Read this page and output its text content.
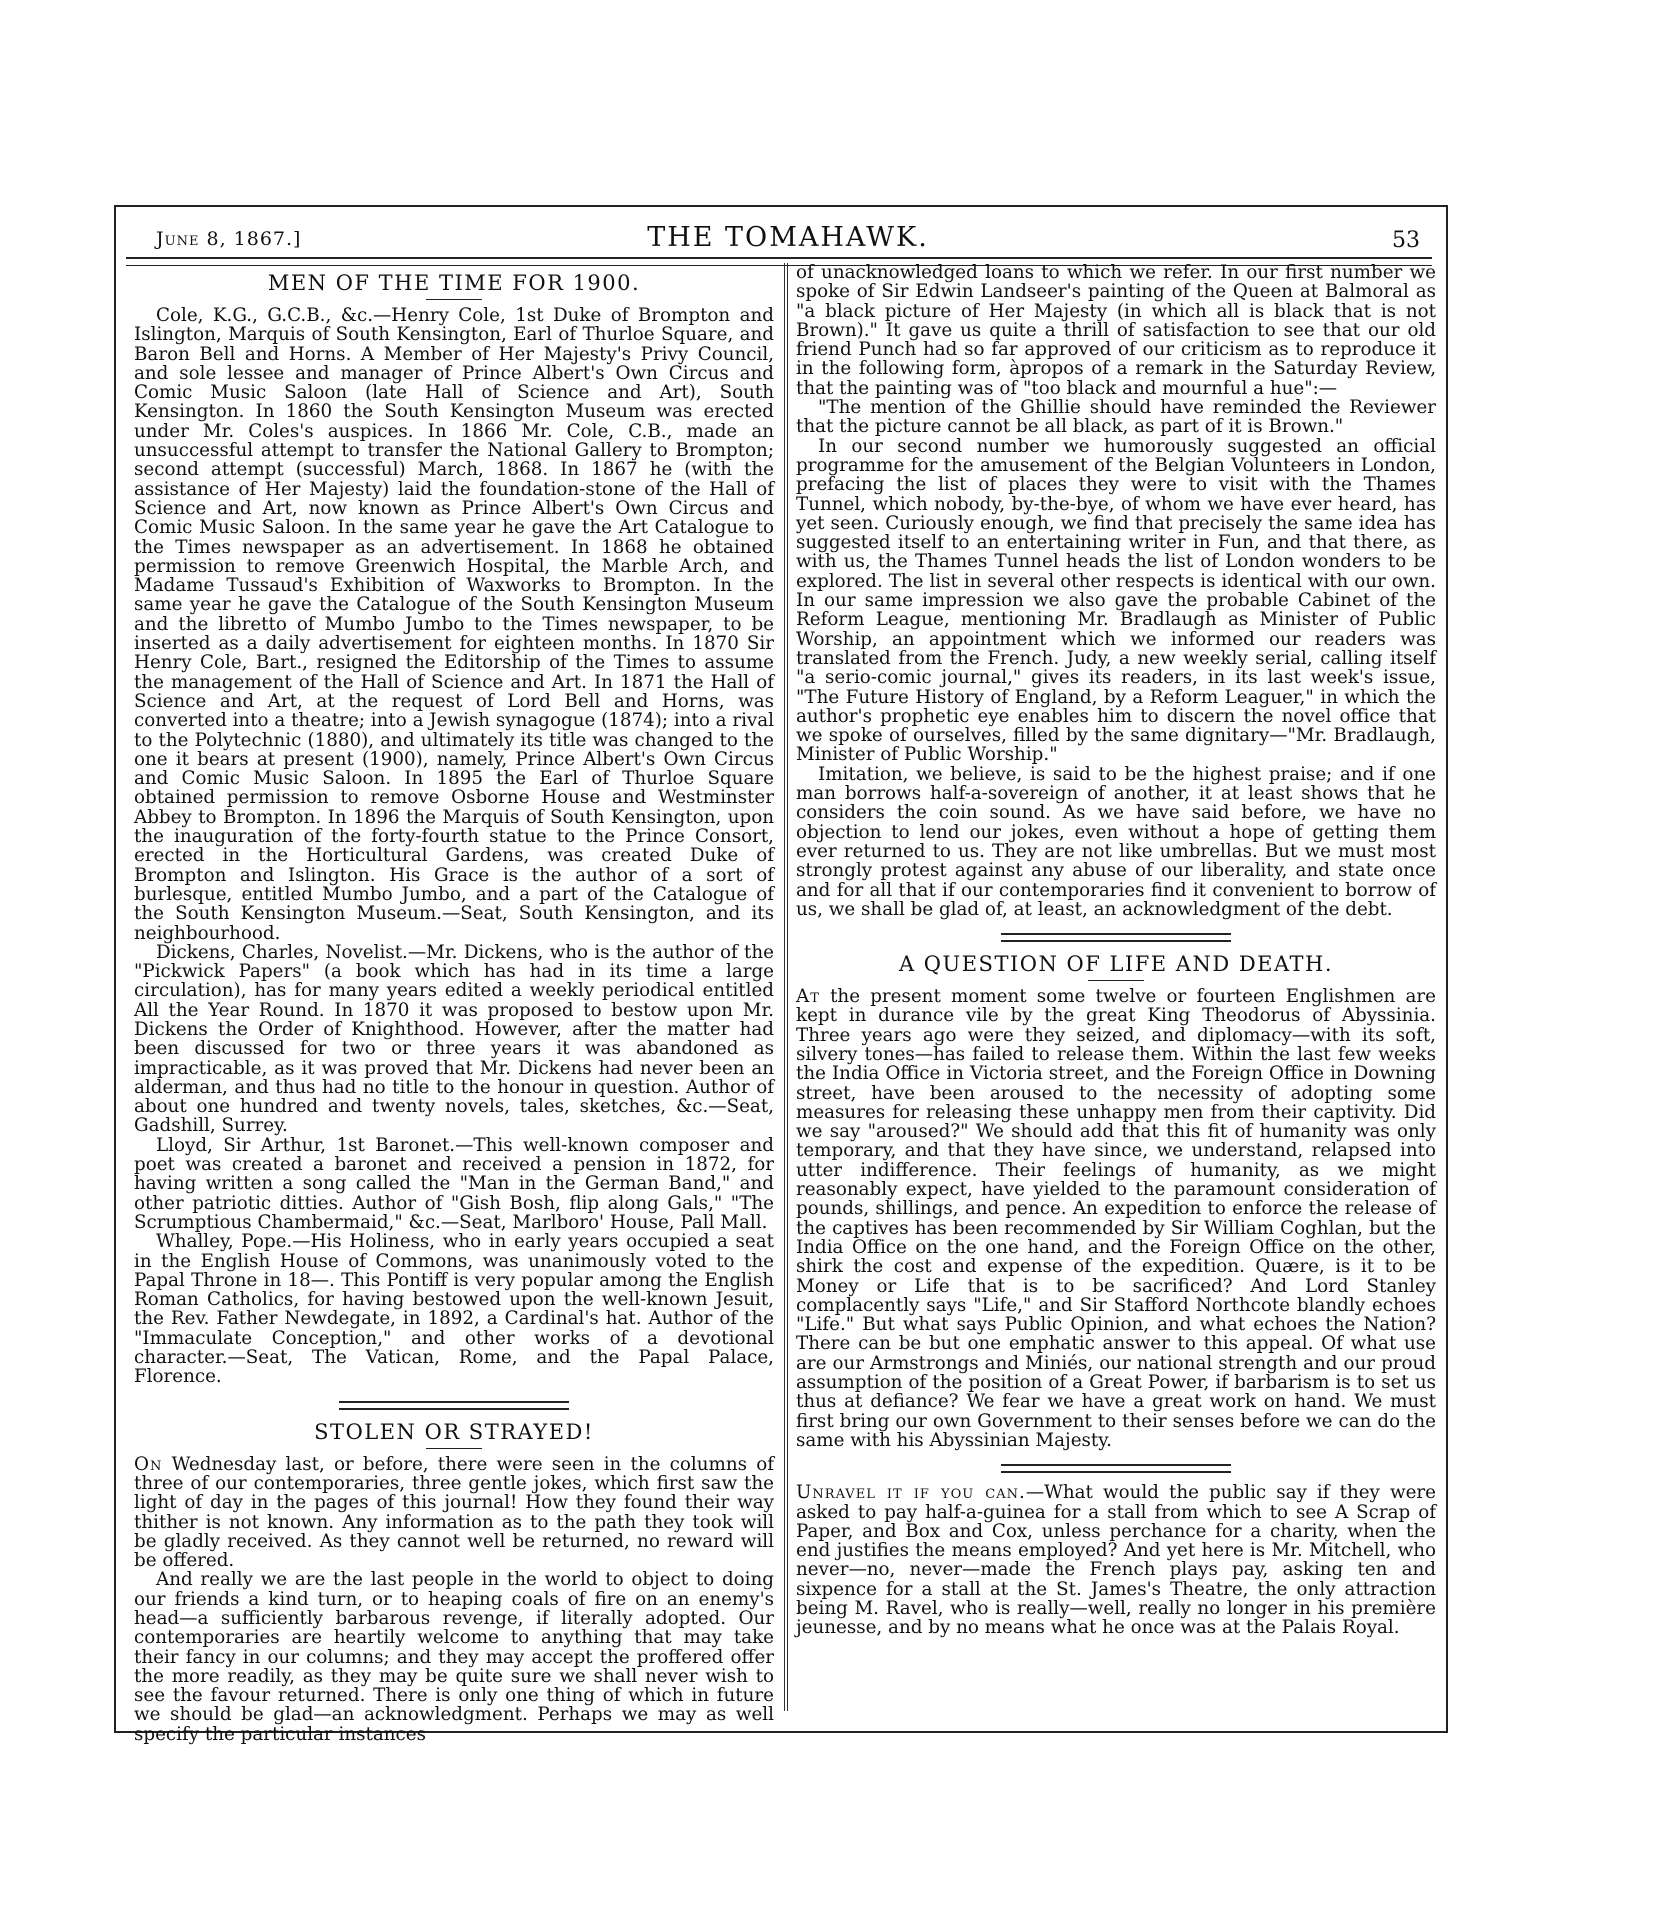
June 8, 1867.]	THE TOMAHAWK.	53
MEN OF THE TIME FOR 1900.

Cole, K.G., G.C.B., &c.—Henry Cole, 1st Duke of Brompton and Islington, Marquis of South Kensington, Earl of Thurloe Square, and Baron Bell and Horns. A Member of Her Majesty's Privy Council, and sole lessee and manager of Prince Albert's Own Circus and Comic Music Saloon (late Hall of Science and Art), South Kensington. In 1860 the South Kensington Museum was erected under Mr. Coles's auspices. In 1866 Mr. Cole, C.B., made an unsuccessful attempt to transfer the National Gallery to Brompton; second attempt (successful) March, 1868. In 1867 he (with the assistance of Her Majesty) laid the foundation-stone of the Hall of Science and Art, now known as Prince Albert's Own Circus and Comic Music Saloon. In the same year he gave the Art Catalogue to the Times newspaper as an advertisement. In 1868 he obtained permission to remove Greenwich Hospital, the Marble Arch, and Madame Tussaud's Exhibition of Waxworks to Brompton. In the same year he gave the Catalogue of the South Kensington Museum and the libretto of Mumbo Jumbo to the Times newspaper, to be inserted as a daily advertisement for eighteen months. In 1870 Sir Henry Cole, Bart., resigned the Editorship of the Times to assume the management of the Hall of Science and Art. In 1871 the Hall of Science and Art, at the request of Lord Bell and Horns, was converted into a theatre; into a Jewish synagogue (1874); into a rival to the Polytechnic (1880), and ultimately its title was changed to the one it bears at present (1900), namely, Prince Albert's Own Circus and Comic Music Saloon. In 1895 the Earl of Thurloe Square obtained permission to remove Osborne House and Westminster Abbey to Brompton. In 1896 the Marquis of South Kensington, upon the inauguration of the forty-fourth statue to the Prince Consort, erected in the Horticultural Gardens, was created Duke of Brompton and Islington. His Grace is the author of a sort of burlesque, entitled Mumbo Jumbo, and a part of the Catalogue of the South Kensington Museum.—Seat, South Kensington, and its neighbourhood.

Dickens, Charles, Novelist.—Mr. Dickens, who is the author of the "Pickwick Papers" (a book which has had in its time a large circulation), has for many years edited a weekly periodical entitled All the Year Round. In 1870 it was proposed to bestow upon Mr. Dickens the Order of Knighthood. However, after the matter had been discussed for two or three years it was abandoned as impracticable, as it was proved that Mr. Dickens had never been an alderman, and thus had no title to the honour in question. Author of about one hundred and twenty novels, tales, sketches, &c.—Seat, Gadshill, Surrey.

Lloyd, Sir Arthur, 1st Baronet.—This well-known composer and poet was created a baronet and received a pension in 1872, for having written a song called the "Man in the German Band," and other patriotic ditties. Author of "Gish Bosh, flip along Gals," "The Scrumptious Chambermaid," &c.—Seat, Marlboro' House, Pall Mall.

Whalley, Pope.—His Holiness, who in early years occupied a seat in the English House of Commons, was unanimously voted to the Papal Throne in 18—. This Pontiff is very popular among the English Roman Catholics, for having bestowed upon the well-known Jesuit, the Rev. Father Newdegate, in 1892, a Cardinal's hat. Author of the "Immaculate Conception," and other works of a devotional character.—Seat, The Vatican, Rome, and the Papal Palace, Florence.

STOLEN OR STRAYED!

On Wednesday last, or before, there were seen in the columns of three of our contemporaries, three gentle jokes, which first saw the light of day in the pages of this journal! How they found their way thither is not known. Any information as to the path they took will be gladly received. As they cannot well be returned, no reward will be offered.

And really we are the last people in the world to object to doing our friends a kind turn, or to heaping coals of fire on an enemy's head—a sufficiently barbarous revenge, if literally adopted. Our contemporaries are heartily welcome to anything that may take their fancy in our columns; and they may accept the proffered offer the more readily, as they may be quite sure we shall never wish to see the favour returned. There is only one thing of which in future we should be glad—an acknowledgment. Perhaps we may as well specify the particular instances

of unacknowledged loans to which we refer. In our first number we spoke of Sir Edwin Landseer's painting of the Queen at Balmoral as "a black picture of Her Majesty (in which all is black that is not Brown)." It gave us quite a thrill of satisfaction to see that our old friend Punch had so far approved of our criticism as to reproduce it in the following form, àpropos of a remark in the Saturday Review, that the painting was of "too black and mournful a hue":—

"The mention of the Ghillie should have reminded the Reviewer that the picture cannot be all black, as part of it is Brown."

In our second number we humorously suggested an official programme for the amusement of the Belgian Volunteers in London, prefacing the list of places they were to visit with the Thames Tunnel, which nobody, by-the-bye, of whom we have ever heard, has yet seen. Curiously enough, we find that precisely the same idea has suggested itself to an entertaining writer in Fun, and that there, as with us, the Thames Tunnel heads the list of London wonders to be explored. The list in several other respects is identical with our own. In our same impression we also gave the probable Cabinet of the Reform League, mentioning Mr. Bradlaugh as Minister of Public Worship, an appointment which we informed our readers was translated from the French. Judy, a new weekly serial, calling itself "a serio-comic journal," gives its readers, in its last week's issue, "The Future History of England, by a Reform Leaguer," in which the author's prophetic eye enables him to discern the novel office that we spoke of ourselves, filled by the same dignitary—"Mr. Bradlaugh, Minister of Public Worship."

Imitation, we believe, is said to be the highest praise; and if one man borrows half-a-sovereign of another, it at least shows that he considers the coin sound. As we have said before, we have no objection to lend our jokes, even without a hope of getting them ever returned to us. They are not like umbrellas. But we must most strongly protest against any abuse of our liberality, and state once and for all that if our contemporaries find it convenient to borrow of us, we shall be glad of, at least, an acknowledgment of the debt.

A QUESTION OF LIFE AND DEATH.

At the present moment some twelve or fourteen Englishmen are kept in durance vile by the great King Theodorus of Abyssinia. Three years ago were they seized, and diplomacy—with its soft, silvery tones—has failed to release them. Within the last few weeks the India Office in Victoria street, and the Foreign Office in Downing street, have been aroused to the necessity of adopting some measures for releasing these unhappy men from their captivity. Did we say "aroused?" We should add that this fit of humanity was only temporary, and that they have since, we understand, relapsed into utter indifference. Their feelings of humanity, as we might reasonably expect, have yielded to the paramount consideration of pounds, shillings, and pence. An expedition to enforce the release of the captives has been recommended by Sir William Coghlan, but the India Office on the one hand, and the Foreign Office on the other, shirk the cost and expense of the expedition. Quære, is it to be Money or Life that is to be sacrificed? And Lord Stanley complacently says "Life," and Sir Stafford Northcote blandly echoes "Life." But what says Public Opinion, and what echoes the Nation? There can be but one emphatic answer to this appeal. Of what use are our Armstrongs and Miniés, our national strength and our proud assumption of the position of a Great Power, if barbarism is to set us thus at defiance? We fear we have a great work on hand. We must first bring our own Government to their senses before we can do the same with his Abyssinian Majesty.

Unravel it if you can.—What would the public say if they were asked to pay half-a-guinea for a stall from which to see A Scrap of Paper, and Box and Cox, unless perchance for a charity, when the end justifies the means employed? And yet here is Mr. Mitchell, who never—no, never—made the French plays pay, asking ten and sixpence for a stall at the St. James's Theatre, the only attraction being M. Ravel, who is really—well, really no longer in his première jeunesse, and by no means what he once was at the Palais Royal.
